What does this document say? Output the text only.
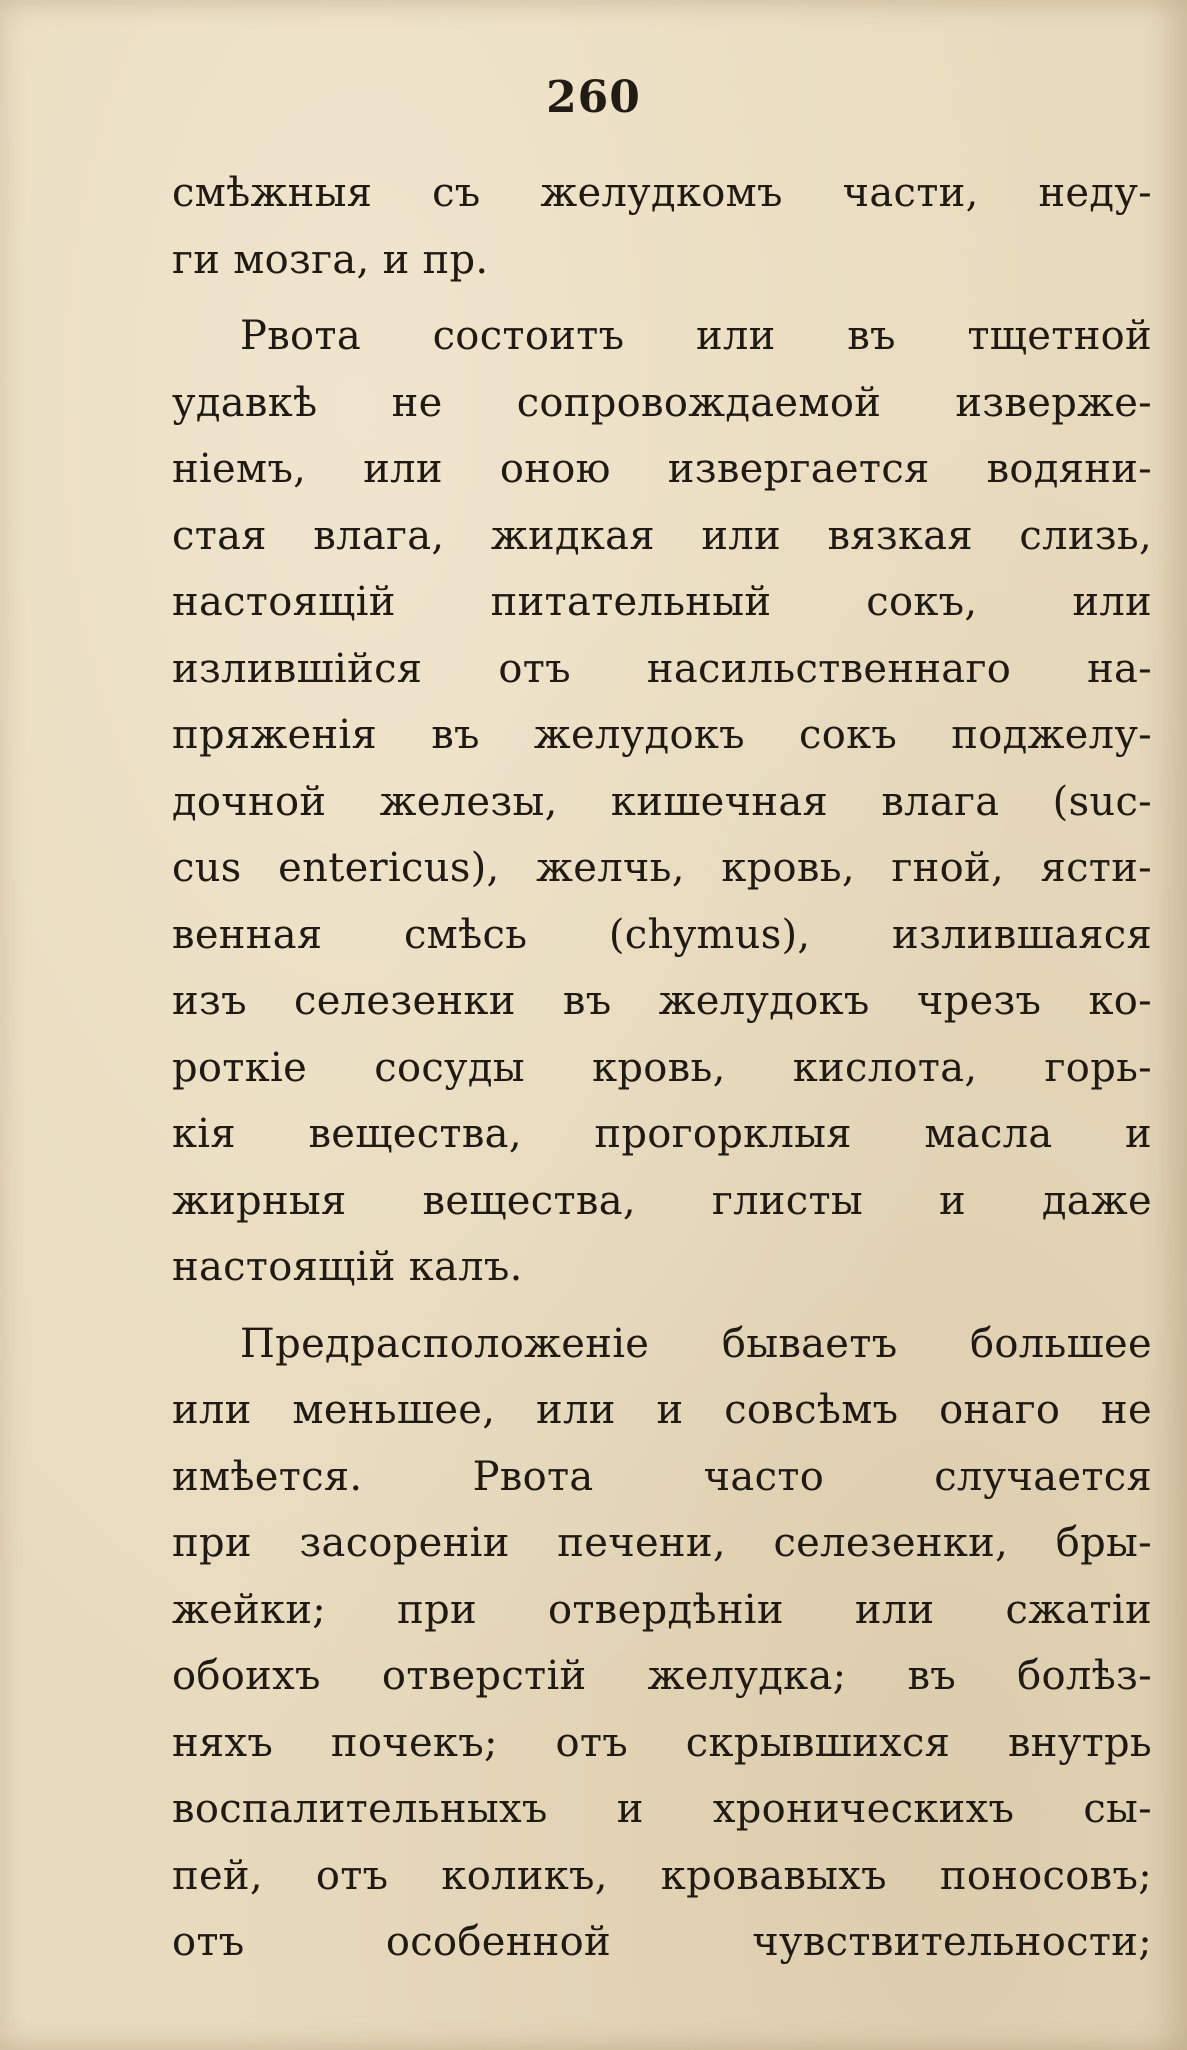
260
смѣжныя съ желудкомъ части, неду-
ги мозга, и пр.
Рвота состоитъ или въ тщетной
удавкѣ не сопровождаемой изверже-
ніемъ, или оною извергается водяни-
стая влага, жидкая или вязкая слизь,
настоящій питательный сокъ, или
излившійся отъ насильственнаго на-
пряженія въ желудокъ сокъ поджелу-
дочной железы, кишечная влага (suc-
cus entericus), желчь, кровь, гной, ясти-
венная смѣсь (chymus), излившаяся
изъ селезенки въ желудокъ чрезъ ко-
роткіе сосуды кровь, кислота, горь-
кія вещества, прогорклыя масла и
жирныя вещества, глисты и даже
настоящій калъ.
Предрасположеніе бываетъ большее
или меньшее, или и совсѣмъ онаго не
имѣется. Рвота часто случается
при засореніи печени, селезенки, бры-
жейки; при отвердѣніи или сжатіи
обоихъ отверстій желудка; въ болѣз-
няхъ почекъ; отъ скрывшихся внутрь
воспалительныхъ и хроническихъ сы-
пей, отъ коликъ, кровавыхъ поносовъ;
отъ особенной чувствительности;
